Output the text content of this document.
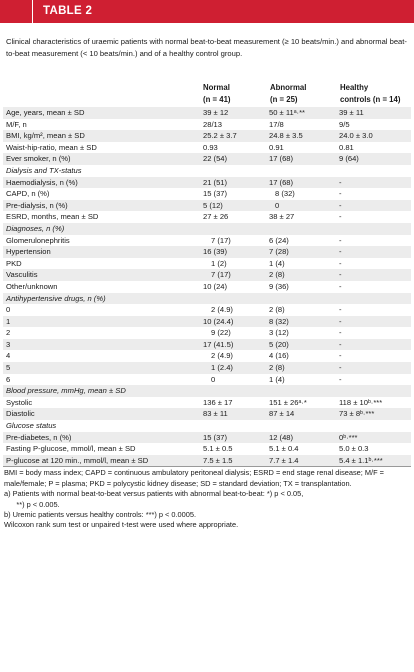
TABLE 2
Clinical characteristics of uraemic patients with normal beat-to-beat measurement (≥ 10 beats/min.) and abnormal beat-to-beat measurement (< 10 beats/min.) and of a healthy control group.
Normal
(n = 41)
Abnormal
(n = 25)
Healthy
controls (n = 14)
Age, years, mean ± SD	39 ± 12	50 ± 11ᵃ·**	39 ± 11
M/F, n	28/13	17/8	9/5
BMI, kg/m², mean ± SD	25.2 ± 3.7	24.8 ± 3.5	24.0 ± 3.0
Waist-hip-ratio, mean ± SD	0.93	0.91	0.81
Ever smoker, n (%)	22 (54)	17 (68)	9 (64)
Dialysis and TX-status
Haemodialysis, n (%)	21 (51)	17 (68)	-
CAPD, n (%)	15 (37)	8 (32)	-
Pre-dialysis, n (%)	5 (12)	0	-
ESRD, months, mean ± SD	27 ± 26	38 ± 27	-
Diagnoses, n (%)
Glomerulonephritis	7 (17)	6 (24)	-
Hypertension	16 (39)	7 (28)	-
PKD	1 (2)	1 (4)	-
Vasculitis	7 (17)	2 (8)	-
Other/unknown	10 (24)	9 (36)	-
Antihypertensive drugs, n (%)
0	2 (4.9)	2 (8)	-
1	10 (24.4)	8 (32)	-
2	9 (22)	3 (12)	-
3	17 (41.5)	5 (20)	-
4	2 (4.9)	4 (16)	-
5	1 (2.4)	2 (8)	-
6	0	1 (4)	-
Blood pressure, mmHg, mean ± SD
Systolic	136 ± 17	151 ± 26ᵃ·*	118 ± 10ᵇ·***
Diastolic	83 ± 11	87 ± 14	73 ± 8ᵇ·***
Glucose status
Pre-diabetes, n (%)	15 (37)	12 (48)	0ᵇ·***
Fasting P-glucose, mmol/l, mean ± SD	5.1 ± 0.5	5.1 ± 0.4	5.0 ± 0.3
P-glucose at 120 min., mmol/l, mean ± SD	7.5 ± 1.5	7.7 ± 1.4	5.4 ± 1.1ᵇ·***
BMI = body mass index; CAPD = continuous ambulatory peritoneal dialysis; ESRD = end stage renal disease; M/F = male/female; P = plasma; PKD = polycystic kidney disease; SD = standard deviation; TX = transplantation.
a) Patients with normal beat-to-beat versus patients with abnormal beat-to-beat: *) p < 0.05,
**) p < 0.005.
b) Uremic patients versus healthy controls: ***) p < 0.0005.
Wilcoxon rank sum test or unpaired t-test were used where appropriate.
